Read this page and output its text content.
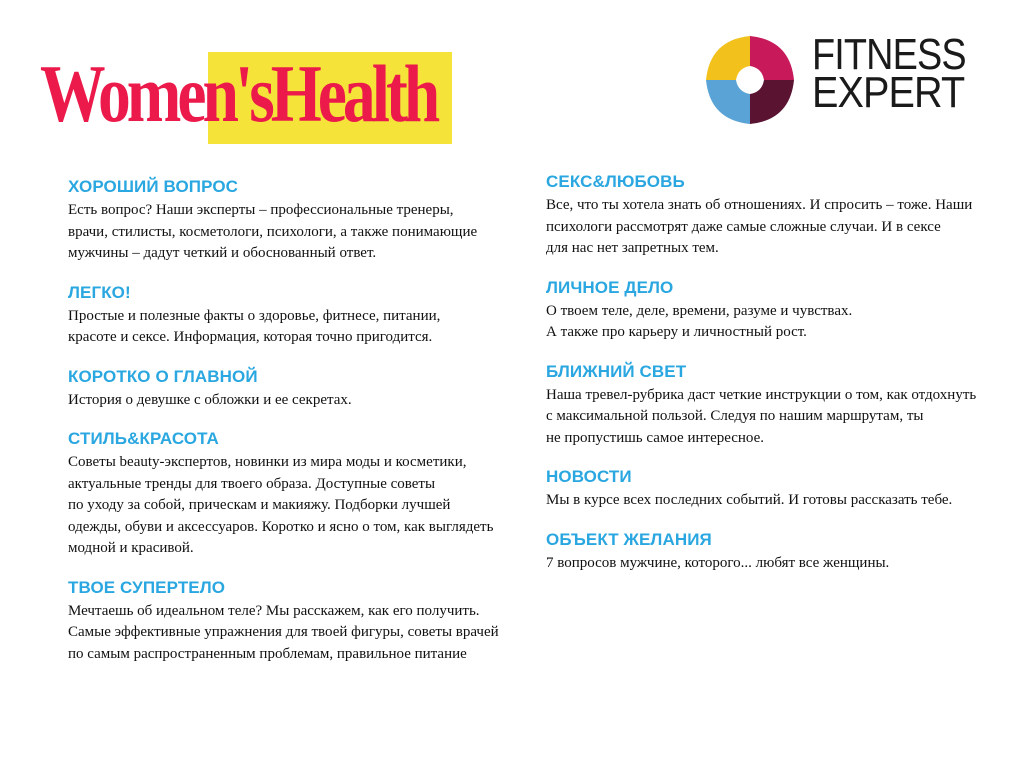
Women'sHealth	FITNESS
EXPERT
ХОРОШИЙ ВОПРОС
Есть вопрос? Наши эксперты – профессиональные тренеры,
врачи, стилисты, косметологи, психологи, а также понимающие
мужчины – дадут четкий и обоснованный ответ.
ЛЕГКО!
Простые и полезные факты о здоровье, фитнесе, питании,
красоте и сексе. Информация, которая точно пригодится.
КОРОТКО О ГЛАВНОЙ
История о девушке с обложки и ее секретах.
СТИЛЬ&КРАСОТА
Советы beauty-экспертов, новинки из мира моды и косметики,
актуальные тренды для твоего образа. Доступные советы
по уходу за собой, прическам и макияжу. Подборки лучшей
одежды, обуви и аксессуаров. Коротко и ясно о том, как выглядеть
модной и красивой.
ТВОЕ СУПЕРТЕЛО
Мечтаешь об идеальном теле? Мы расскажем, как его получить.
Самые эффективные упражнения для твоей фигуры, советы врачей
по самым распространенным проблемам, правильное питание
СЕКС&ЛЮБОВЬ
Все, что ты хотела знать об отношениях. И спросить – тоже. Наши
психологи рассмотрят даже самые сложные случаи. И в сексе
для нас нет запретных тем.
ЛИЧНОЕ ДЕЛО
О твоем теле, деле, времени, разуме и чувствах.
А также про карьеру и личностный рост.
БЛИЖНИЙ СВЕТ
Наша тревел-рубрика даст четкие инструкции о том, как отдохнуть
с максимальной пользой. Следуя по нашим маршрутам, ты
не пропустишь самое интересное.
НОВОСТИ
Мы в курсе всех последних событий. И готовы рассказать тебе.
ОБЪЕКТ ЖЕЛАНИЯ
7 вопросов мужчине, которого... любят все женщины.
